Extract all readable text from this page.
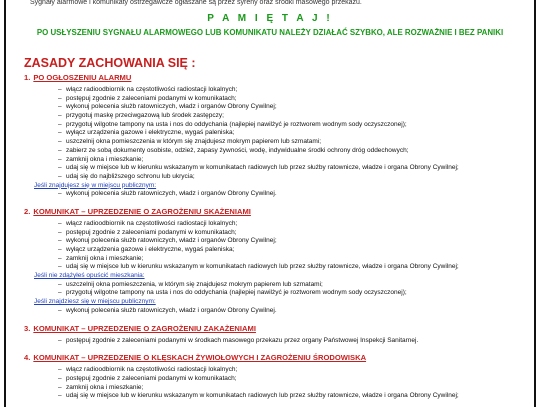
Sygnały alarmowe i komunikaty ostrzegawcze ogłaszane są przez syreny oraz środki masowego przekazu.
P A M I Ę T A J !
PO USŁYSZENIU SYGNAŁU ALARMOWEGO LUB KOMUNIKATU NALEŻY DZIAŁAĆ SZYBKO, ALE ROZWAŻNIE I BEZ PANIKI
ZASADY ZACHOWANIA SIĘ :
1. PO OGŁOSZENIU ALARMU
– włącz radioodbiornik na częstotliwości radiostacji lokalnych;
– postępuj zgodnie z zaleceniami podanymi w komunikatach;
– wykonuj polecenia służb ratowniczych, władz i organów Obrony Cywilnej;
– przygotuj maskę przeciwgazową lub środek zastępczy;
– przygotuj wilgotne tampony na usta i nos do oddychania (najlepiej nawilżyć je roztworem wodnym sody oczyszczonej);
– wyłącz urządzenia gazowe i elektryczne, wygaś paleniska;
– uszczelnij okna pomieszczenia w którym się znajdujesz mokrym papierem lub szmatami;
– zabierz ze sobą dokumenty osobiste, odzież, zapasy żywności, wodę, indywidualne środki ochrony dróg oddechowych;
– zamknij okna i mieszkanie;
– udaj się w miejsce lub w kierunku wskazanym w komunikatach radiowych lub przez służby ratownicze, władze i organa Obrony Cywilnej;
– udaj się do najbliższego schronu lub ukrycia;
Jeśli znajdujesz się w miejscu publicznym:
– wykonuj polecenia służb ratowniczych, władz i organów Obrony Cywilnej.
2. KOMUNIKAT – UPRZEDZENIE O ZAGROŻENIU SKAŻENIAMI
– włącz radioodbiornik na częstotliwości radiostacji lokalnych;
– postępuj zgodnie z zaleceniami podanymi w komunikatach;
– wykonuj polecenia służb ratowniczych, władz i organów Obrony Cywilnej;
– wyłącz urządzenia gazowe i elektryczne, wygaś paleniska;
– zamknij okna i mieszkanie;
– udaj się w miejsce lub w kierunku wskazanym w komunikatach radiowych lub przez służby ratownicze, władze i organa Obrony Cywilnej;
Jeśli nie zdążyłeś opuścić mieszkania:
– uszczelnij okna pomieszczenia, w którym się znajdujesz mokrym papierem lub szmatami;
– przygotuj wilgotne tampony na usta i nos do oddychania (najlepiej nawilżyć je roztworem wodnym sody oczyszczonej);
Jeśli znajdziesz się w miejscu publicznym:
– wykonuj polecenia służb ratowniczych, władz i organów Obrony Cywilnej.
3. KOMUNIKAT – UPRZEDZENIE O ZAGROŻENIU ZAKAŻENIAMI
– postępuj zgodnie z zaleceniami podanymi w środkach masowego przekazu przez organy Państwowej Inspekcji Sanitarnej.
4. KOMUNIKAT – UPRZEDZENIE O KLĘSKACH ŻYWIOŁOWYCH I ZAGROŻENIU ŚRODOWISKA
– włącz radioodbiornik na częstotliwości radiostacji lokalnych;
– postępuj zgodnie z zaleceniami podanymi w komunikatach;
– zamknij okna i mieszkanie;
– udaj się w miejsce lub w kierunku wskazanym w komunikatach radiowych lub przez służby ratownicze, władze i organa Obrony Cywilnej;
